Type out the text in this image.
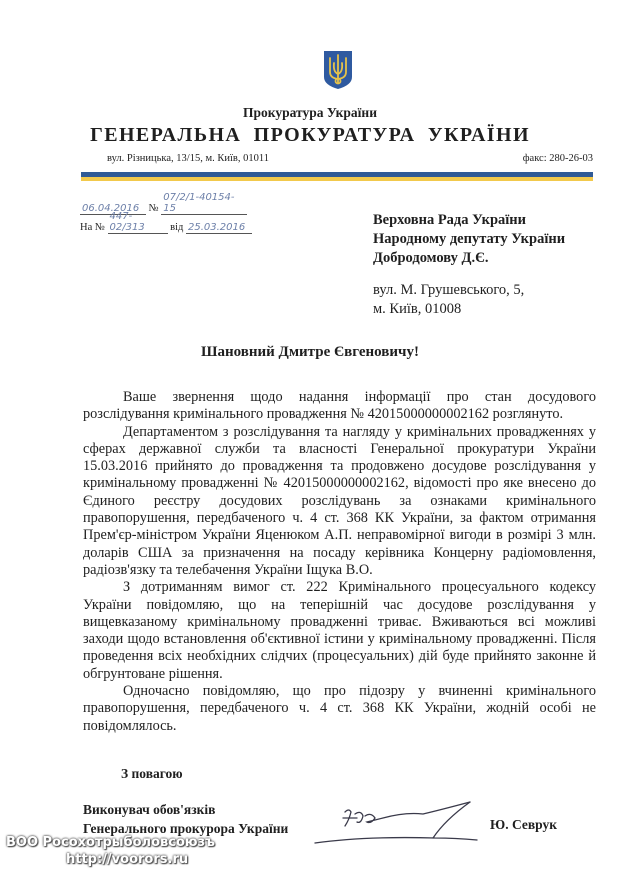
Прокуратура України
ГЕНЕРАЛЬНА ПРОКУРАТУРА УКРАЇНИ
вул. Різницька, 13/15, м. Київ, 01011	факс: 280-26-03
06.04.2016 № 07/2/1-40154-15
На № 447-02/313 від 25.03.2016	Верховна Рада України
Народному депутату України
Добродомову Д.Є.
вул. М. Грушевського, 5,
м. Київ, 01008
Шановний Дмитре Євгеновичу!

Ваше звернення щодо надання інформації про стан досудового розслідування кримінального провадження № 42015000000002162 розглянуто.

Департаментом з розслідування та нагляду у кримінальних провадженнях у сферах державної служби та власності Генеральної прокуратури України 15.03.2016 прийнято до провадження та продовжено досудове розслідування у кримінальному провадженні № 42015000000002162, відомості про яке внесено до Єдиного реєстру досудових розслідувань за ознаками кримінального правопорушення, передбаченого ч. 4 ст. 368 КК України, за фактом отримання Прем'єр-міністром України Яценюком А.П. неправомірної вигоди в розмірі 3 млн. доларів США за призначення на посаду керівника Концерну радіомовлення, радіозв'язку та телебачення України Іщука В.О.

З дотриманням вимог ст. 222 Кримінального процесуального кодексу України повідомляю, що на теперішній час досудове розслідування у вищевказаному кримінальному провадженні триває. Вживаються всі можливі заходи щодо встановлення об'єктивної істини у кримінальному провадженні. Після проведення всіх необхідних слідчих (процесуальних) дій буде прийнято законне й обгрунтоване рішення.

Одночасно повідомляю, що про підозру у вчиненні кримінального правопорушення, передбаченого ч. 4 ст. 368 КК України, жодній особі не повідомлялось.

З повагою
Виконувач обов'язків
Генерального прокурора України	Ю. Севрук
ВОО Росохотрыболовсоюзъ
http://voorors.ru
